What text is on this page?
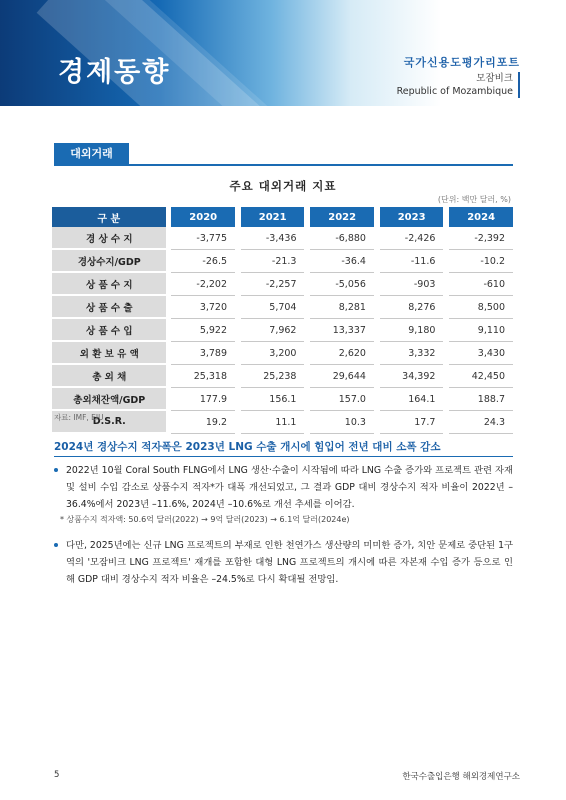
경제동향	국가신용도평가리포트
모잠비크
Republic of Mozambique
대외거래
주요 대외거래 지표
(단위: 백만 달러, %)
구 분		2020		2021		2022		2023		2024
경 상 수 지		-3,775		-3,436		-6,880		-2,426		-2,392
경상수지/GDP		-26.5		-21.3		-36.4		-11.6		-10.2
상 품 수 지		-2,202		-2,257		-5,056		-903		-610
상 품 수 출		3,720		5,704		8,281		8,276		8,500
상 품 수 입		5,922		7,962		13,337		9,180		9,110
외 환 보 유 액		3,789		3,200		2,620		3,332		3,430
총 외 채		25,318		25,238		29,644		34,392		42,450
총외채잔액/GDP		177.9		156.1		157.0		164.1		188.7
D.S.R.		19.2		11.1		10.3		17.7		24.3
자료: IMF, EIU
2024년 경상수지 적자폭은 2023년 LNG 수출 개시에 힘입어 전년 대비 소폭 감소
2022년 10월 Coral South FLNG에서 LNG 생산·수출이 시작됨에 따라 LNG 수출 증가와 프로젝트 관련 자재 및 설비 수입 감소로 상품수지 적자*가 대폭 개선되었고, 그 결과 GDP 대비 경상수지 적자 비율이 2022년 –36.4%에서 2023년 –11.6%, 2024년 –10.6%로 개선 추세를 이어감.
* 상품수지 적자액: 50.6억 달러(2022) → 9억 달러(2023) → 6.1억 달러(2024e)
다만, 2025년에는 신규 LNG 프로젝트의 부재로 인한 천연가스 생산량의 미미한 증가, 치안 문제로 중단된 1구역의 '모잠비크 LNG 프로젝트' 재개를 포함한 대형 LNG 프로젝트의 개시에 따른 자본재 수입 증가 등으로 인해 GDP 대비 경상수지 적자 비율은 –24.5%로 다시 확대될 전망임.
5	한국수출입은행 해외경제연구소
